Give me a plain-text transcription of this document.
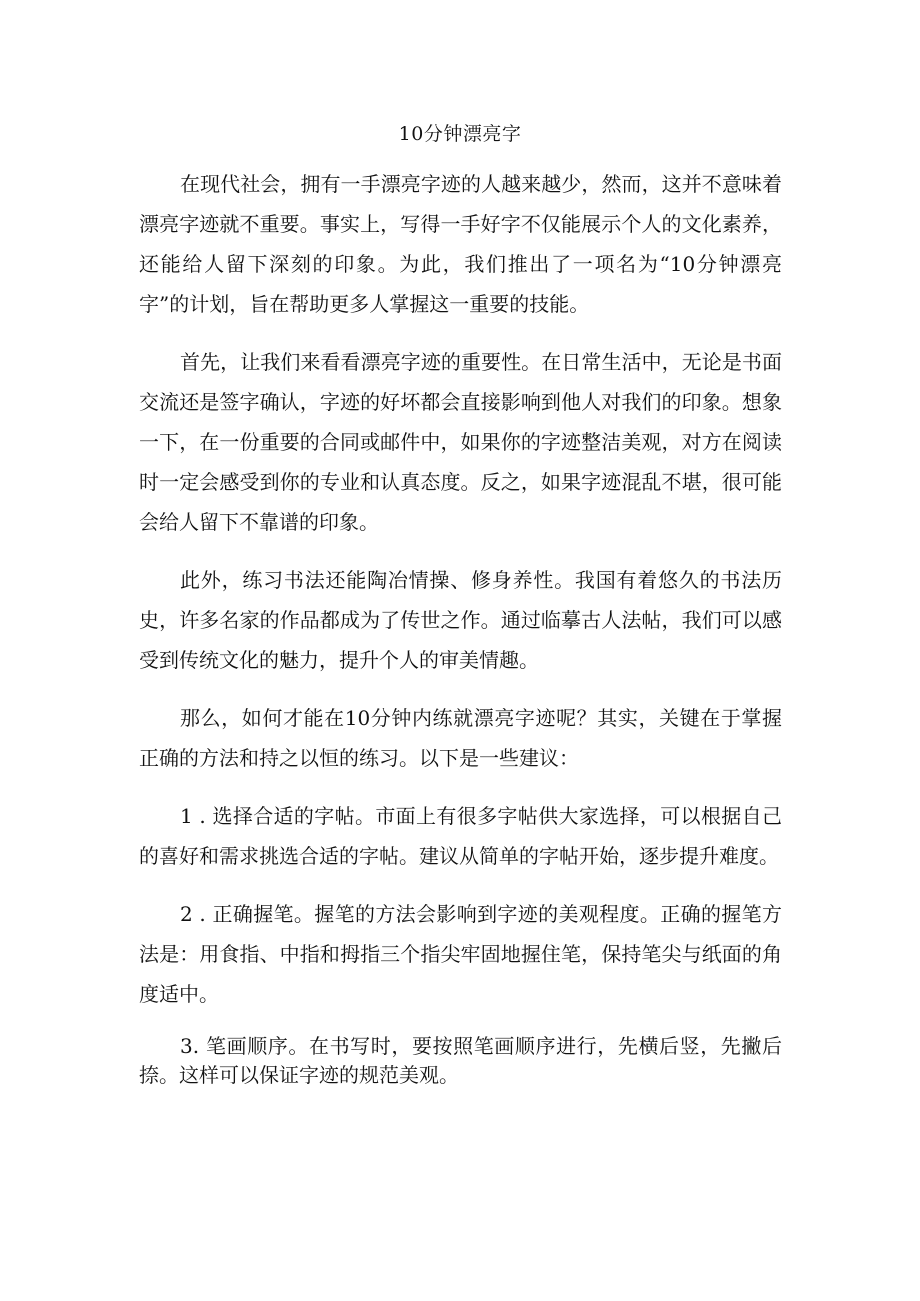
10分钟漂亮字

在现代社会，拥有一手漂亮字迹的人越来越少，然而，这并不意味着漂亮字迹就不重要。事实上，写得一手好字不仅能展示个人的文化素养，还能给人留下深刻的印象。为此，我们推出了一项名为“10分钟漂亮字”的计划，旨在帮助更多人掌握这一重要的技能。

首先，让我们来看看漂亮字迹的重要性。在日常生活中，无论是书面交流还是签字确认，字迹的好坏都会直接影响到他人对我们的印象。想象一下，在一份重要的合同或邮件中，如果你的字迹整洁美观，对方在阅读时一定会感受到你的专业和认真态度。反之，如果字迹混乱不堪，很可能会给人留下不靠谱的印象。

此外，练习书法还能陶冶情操、修身养性。我国有着悠久的书法历史，许多名家的作品都成为了传世之作。通过临摹古人法帖，我们可以感受到传统文化的魅力，提升个人的审美情趣。

那么，如何才能在10分钟内练就漂亮字迹呢？其实，关键在于掌握正确的方法和持之以恒的练习。以下是一些建议：

1 . 选择合适的字帖。市面上有很多字帖供大家选择，可以根据自己的喜好和需求挑选合适的字帖。建议从简单的字帖开始，逐步提升难度。

2 . 正确握笔。握笔的方法会影响到字迹的美观程度。正确的握笔方法是：用食指、中指和拇指三个指尖牢固地握住笔，保持笔尖与纸面的角度适中。

3. 笔画顺序。在书写时，要按照笔画顺序进行，先横后竖，先撇后捺。这样可以保证字迹的规范美观。
